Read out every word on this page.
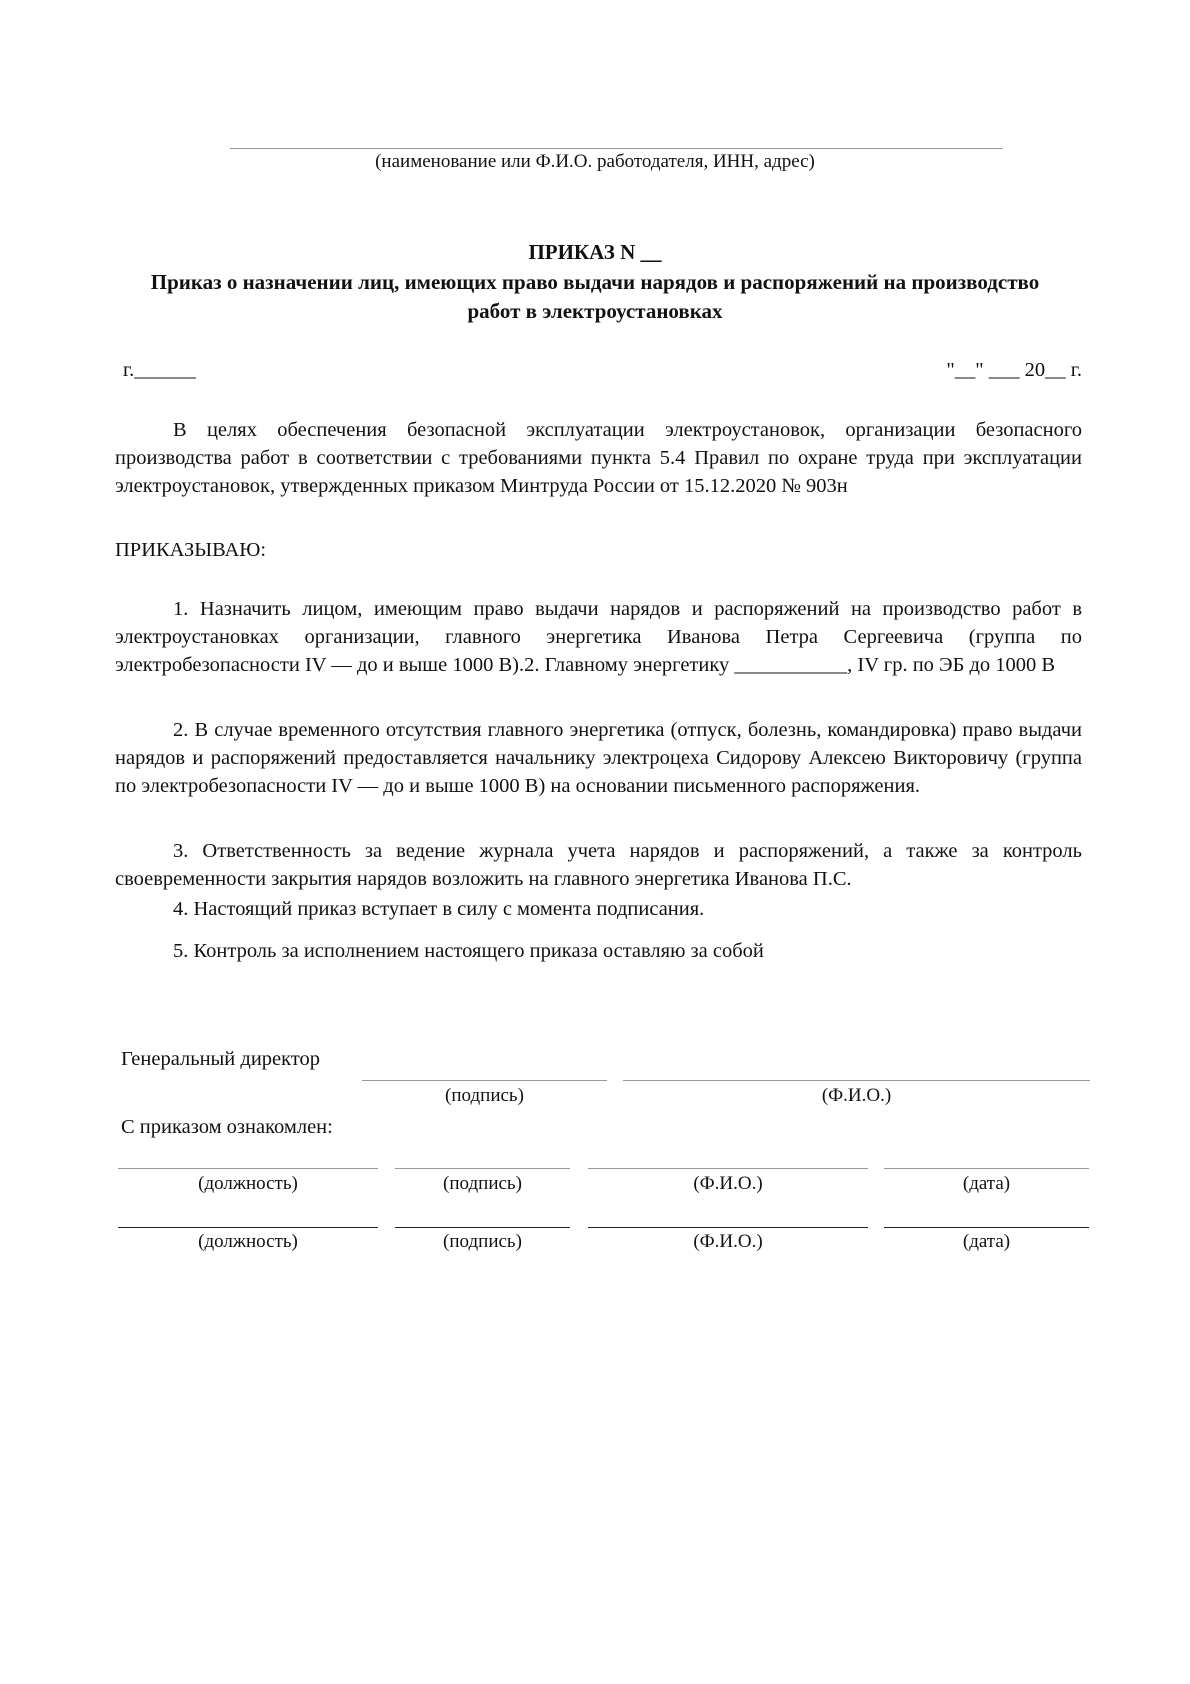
(наименование или Ф.И.О. работодателя, ИНН, адрес)
ПРИКАЗ N __
Приказ о назначении лиц, имеющих право выдачи нарядов и распоряжений на производство
работ в электроустановках
г.______	"__" ___ 20__ г.
В целях обеспечения безопасной эксплуатации электроустановок, организации безопасного производства работ в соответствии с требованиями пункта 5.4 Правил по охране труда при эксплуатации электроустановок, утвержденных приказом Минтруда России от 15.12.2020 № 903н
ПРИКАЗЫВАЮ:
1. Назначить лицом, имеющим право выдачи нарядов и распоряжений на производство работ в электроустановках организации, главного энергетика Иванова Петра Сергеевича (группа по электробезопасности IV — до и выше 1000 В).2. Главному энергетику ___________, IV гр. по ЭБ до 1000 В
2. В случае временного отсутствия главного энергетика (отпуск, болезнь, командировка) право выдачи нарядов и распоряжений предоставляется начальнику электроцеха Сидорову Алексею Викторовичу (группа по электробезопасности IV — до и выше 1000 В) на основании письменного распоряжения.
3. Ответственность за ведение журнала учета нарядов и распоряжений, а также за контроль своевременности закрытия нарядов возложить на главного энергетика Иванова П.С.
4. Настоящий приказ вступает в силу с момента подписания.
5. Контроль за исполнением настоящего приказа оставляю за собой
Генеральный директор
(подпись)	(Ф.И.О.)
С приказом ознакомлен:
(должность)	(подпись)	(Ф.И.О.)	(дата)
(должность)	(подпись)	(Ф.И.О.)	(дата)
